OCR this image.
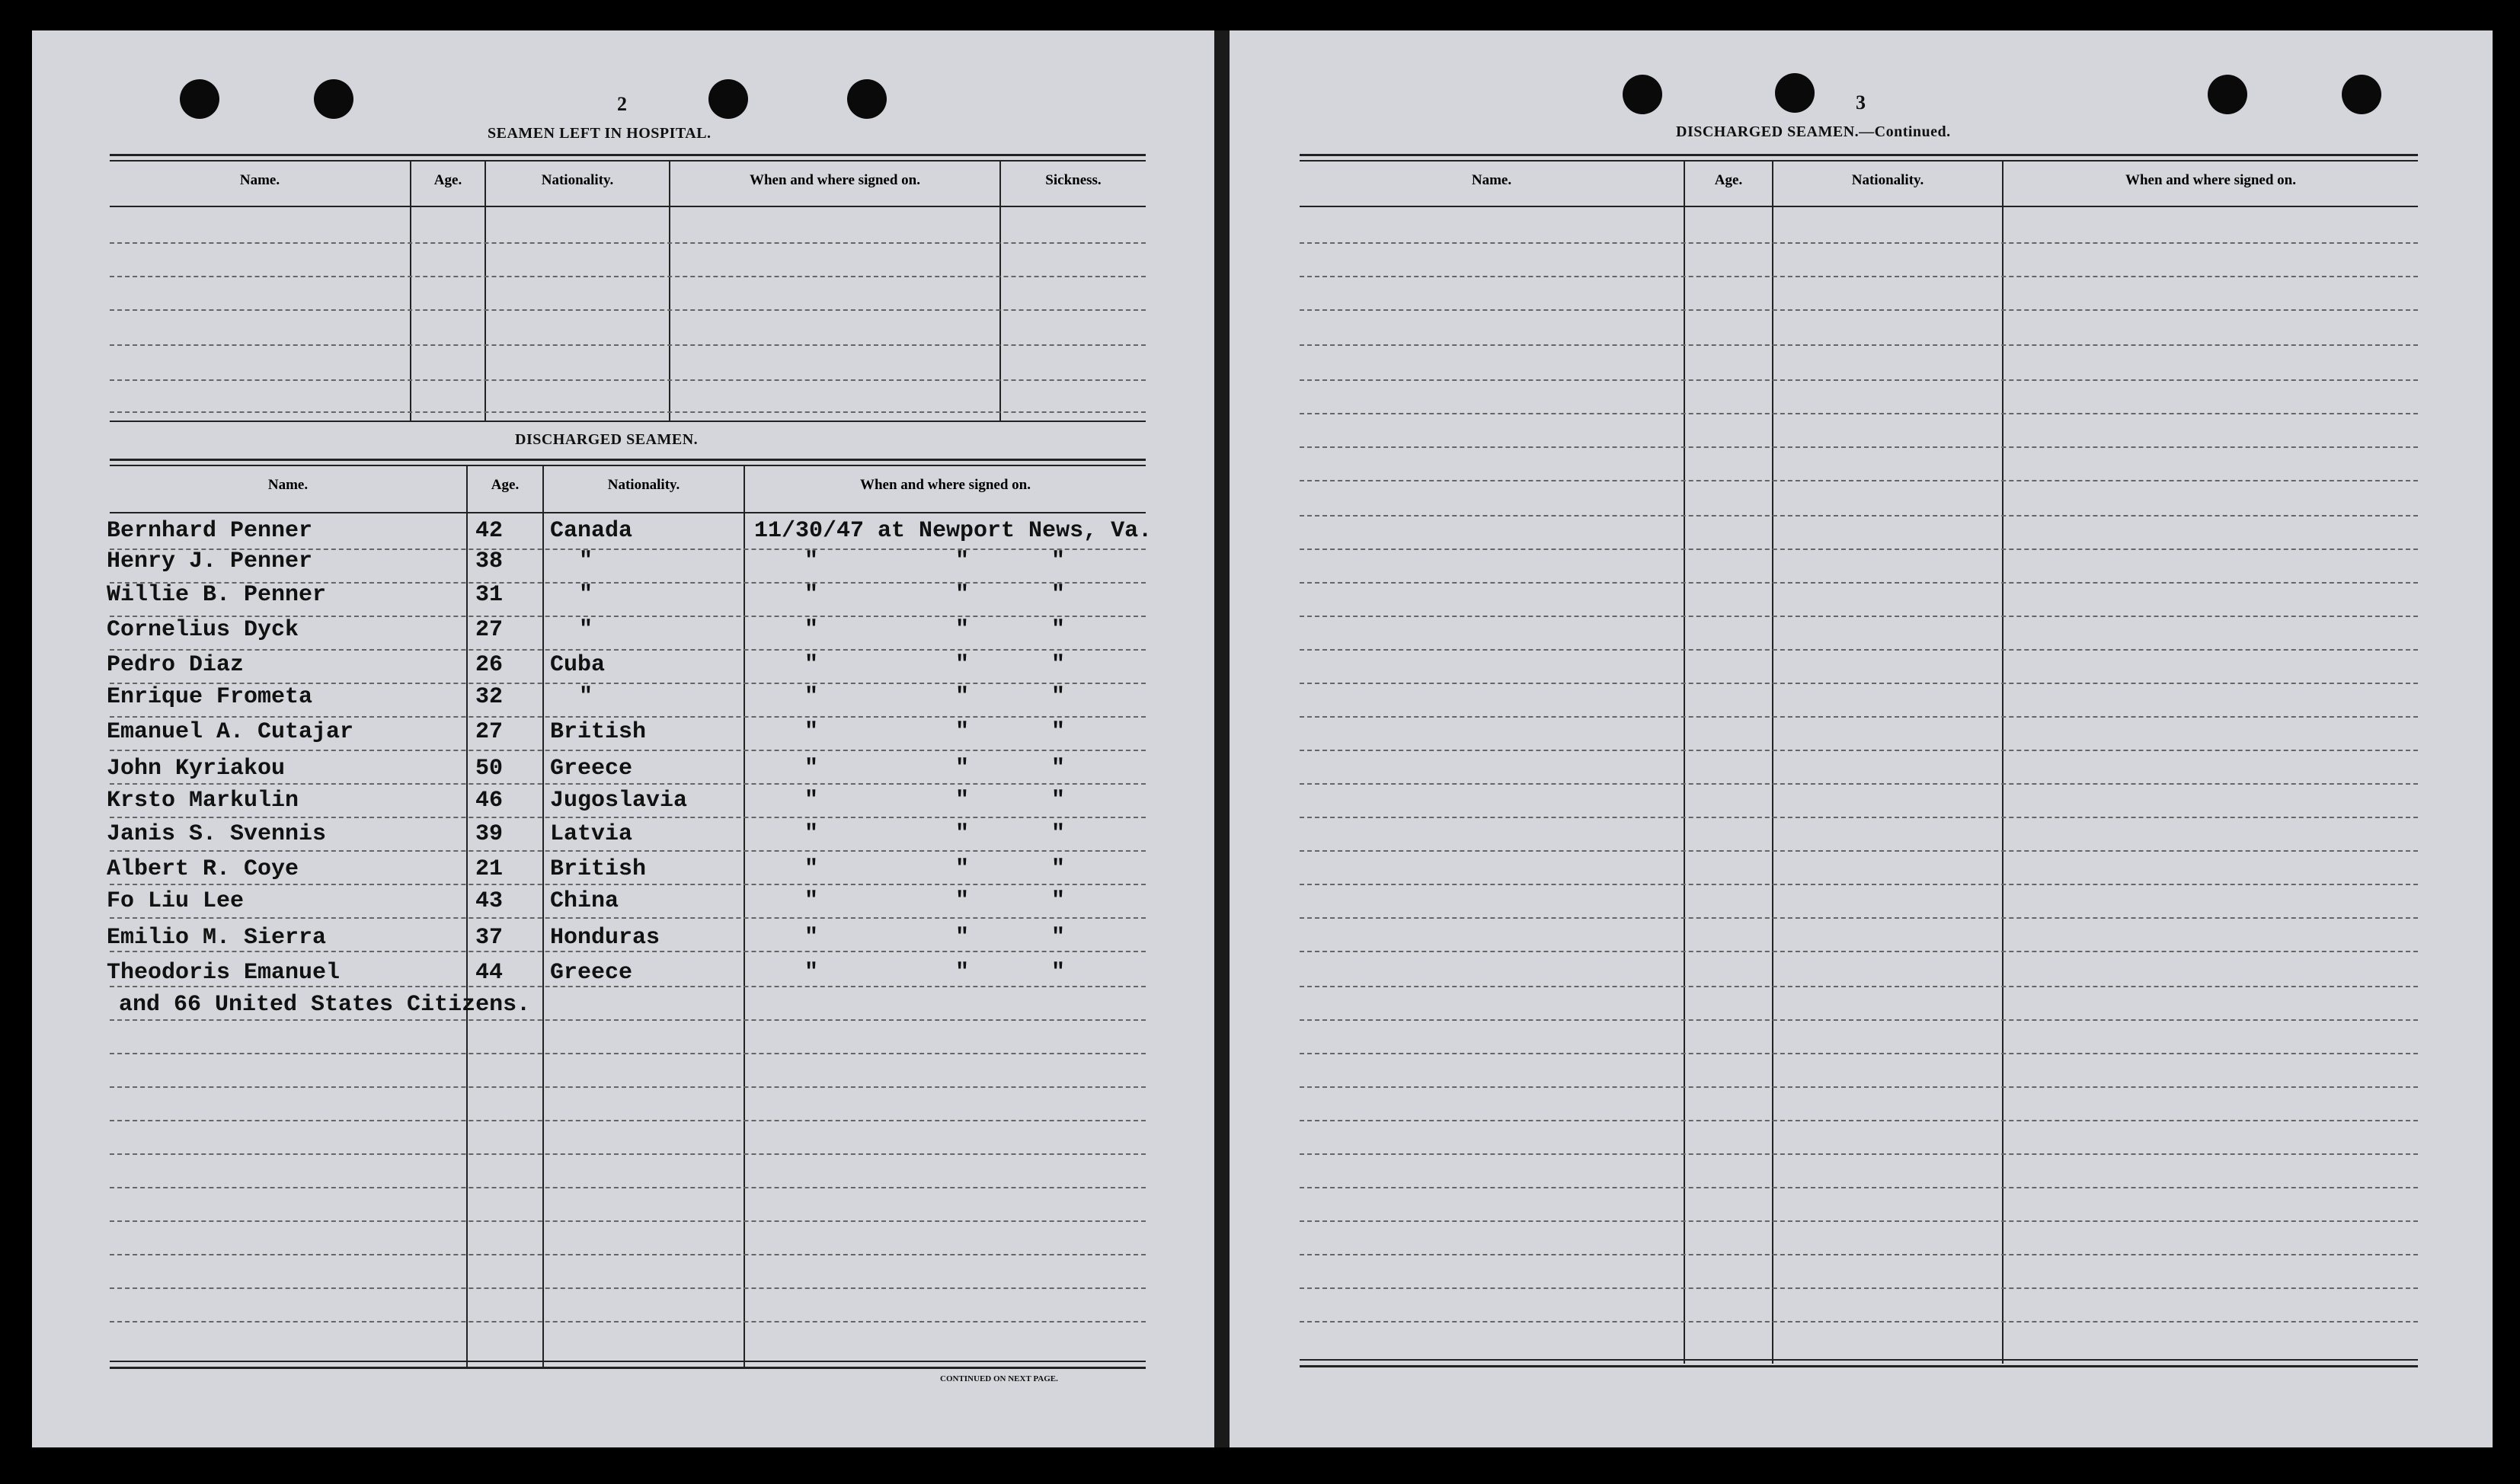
2
SEAMEN LEFT IN HOSPITAL.
Name.	Age.	Nationality.	When and where signed on.	Sickness.
DISCHARGED SEAMEN.
Name.	Age.	Nationality.	When and where signed on.
Bernhard Penner	42 Canada	11/30/47 at Newport News, Va.
Henry J. Penner	38	"	"          "      "
Willie B. Penner	31	"	"          "      "
Cornelius Dyck	27	"	"          "      "
Pedro Diaz	26 Cuba	"          "      "
Enrique Frometa	32	"	"          "      "
Emanuel A. Cutajar	27 British	"          "      "
John Kyriakou	50 Greece	"          "      "
Krsto Markulin	46 Jugoslavia	"          "      "
Janis S. Svennis	39 Latvia	"          "      "
Albert R. Coye	21 British	"          "      "
Fo Liu Lee	43 China	"          "      "
Emilio M. Sierra	37 Honduras	"          "      "
Theodoris Emanuel	44 Greece	"          "      "
and 66 United States Citizens.
CONTINUED ON NEXT PAGE.
3
DISCHARGED SEAMEN.—Continued.
Name.	Age.	Nationality.	When and where signed on.
